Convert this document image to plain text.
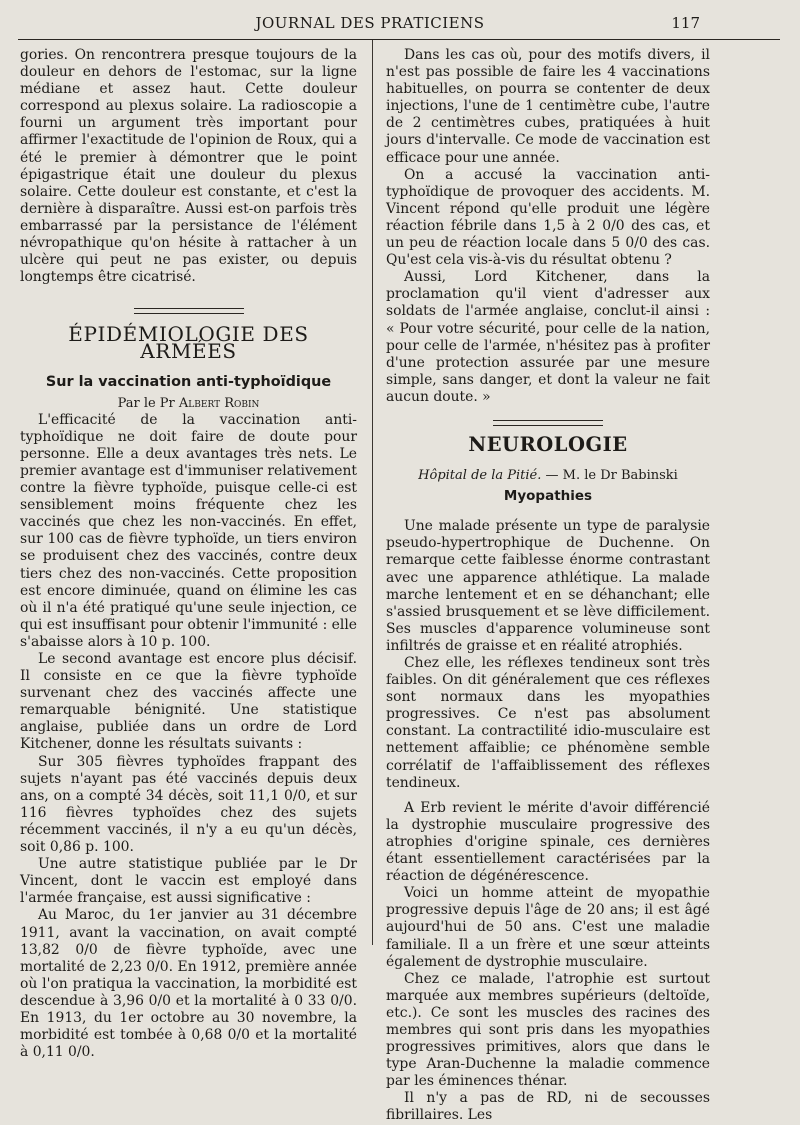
JOURNAL DES PRATICIENS	117

gories. On rencontrera presque toujours de la douleur en dehors de l'estomac, sur la ligne médiane et assez haut. Cette douleur correspond au plexus solaire. La radioscopie a fourni un argument très important pour affirmer l'exactitude de l'opinion de Roux, qui a été le premier à démontrer que le point épigastrique était une douleur du plexus solaire. Cette douleur est constante, et c'est la dernière à disparaître. Aussi est-on parfois très embarrassé par la persistance de l'élément névropathique qu'on hésite à rattacher à un ulcère qui peut ne pas exister, ou depuis longtemps être cicatrisé.

ÉPIDÉMIOLOGIE DES ARMÉES
Sur la vaccination anti-typhoïdique
Par le Pr Albert Robin

L'efficacité de la vaccination anti-typhoïdique ne doit faire de doute pour personne. Elle a deux avantages très nets. Le premier avantage est d'immuniser relativement contre la fièvre typhoïde, puisque celle-ci est sensiblement moins fréquente chez les vaccinés que chez les non-vaccinés. En effet, sur 100 cas de fièvre typhoïde, un tiers environ se produisent chez des vaccinés, contre deux tiers chez des non-vaccinés. Cette proposition est encore diminuée, quand on élimine les cas où il n'a été pratiqué qu'une seule injection, ce qui est insuffisant pour obtenir l'immunité : elle s'abaisse alors à 10 p. 100.

Le second avantage est encore plus décisif. Il consiste en ce que la fièvre typhoïde survenant chez des vaccinés affecte une remarquable bénignité. Une statistique anglaise, publiée dans un ordre de Lord Kitchener, donne les résultats suivants :

Sur 305 fièvres typhoïdes frappant des sujets n'ayant pas été vaccinés depuis deux ans, on a compté 34 décès, soit 11,1 0/0, et sur 116 fièvres typhoïdes chez des sujets récemment vaccinés, il n'y a eu qu'un décès, soit 0,86 p. 100.

Une autre statistique publiée par le Dr Vincent, dont le vaccin est employé dans l'armée française, est aussi significative :

Au Maroc, du 1er janvier au 31 décembre 1911, avant la vaccination, on avait compté 13,82 0/0 de fièvre typhoïde, avec une mortalité de 2,23 0/0. En 1912, première année où l'on pratiqua la vaccination, la morbidité est descendue à 3,96 0/0 et la mortalité à 0 33 0/0. En 1913, du 1er octobre au 30 novembre, la morbidité est tombée à 0,68 0/0 et la mortalité à 0,11 0/0.

Dans les cas où, pour des motifs divers, il n'est pas possible de faire les 4 vaccinations habituelles, on pourra se contenter de deux injections, l'une de 1 centimètre cube, l'autre de 2 centimètres cubes, pratiquées à huit jours d'intervalle. Ce mode de vaccination est efficace pour une année.

On a accusé la vaccination anti-typhoïdique de provoquer des accidents. M. Vincent répond qu'elle produit une légère réaction fébrile dans 1,5 à 2 0/0 des cas, et un peu de réaction locale dans 5 0/0 des cas. Qu'est cela vis-à-vis du résultat obtenu ?

Aussi, Lord Kitchener, dans la proclamation qu'il vient d'adresser aux soldats de l'armée anglaise, conclut-il ainsi : « Pour votre sécurité, pour celle de la nation, pour celle de l'armée, n'hésitez pas à profiter d'une protection assurée par une mesure simple, sans danger, et dont la valeur ne fait aucun doute. »

NEUROLOGIE
Hôpital de la Pitié. — M. le Dr Babinski
Myopathies

Une malade présente un type de paralysie pseudo-hypertrophique de Duchenne. On remarque cette faiblesse énorme contrastant avec une apparence athlétique. La malade marche lentement et en se déhanchant; elle s'assied brusquement et se lève difficilement. Ses muscles d'apparence volumineuse sont infiltrés de graisse et en réalité atrophiés.

Chez elle, les réflexes tendineux sont très faibles. On dit généralement que ces réflexes sont normaux dans les myopathies progressives. Ce n'est pas absolument constant. La contractilité idio-musculaire est nettement affaiblie; ce phénomène semble corrélatif de l'affaiblissement des réflexes tendineux.

A Erb revient le mérite d'avoir différencié la dystrophie musculaire progressive des atrophies d'origine spinale, ces dernières étant essentiellement caractérisées par la réaction de dégénérescence.

Voici un homme atteint de myopathie progressive depuis l'âge de 20 ans; il est âgé aujourd'hui de 50 ans. C'est une maladie familiale. Il a un frère et une sœur atteints également de dystrophie musculaire.

Chez ce malade, l'atrophie est surtout marquée aux membres supérieurs (deltoïde, etc.). Ce sont les muscles des racines des membres qui sont pris dans les myopathies progressives primitives, alors que dans le type Aran-Duchenne la maladie commence par les éminences thénar.

Il n'y a pas de RD, ni de secousses fibrillaires. Les
